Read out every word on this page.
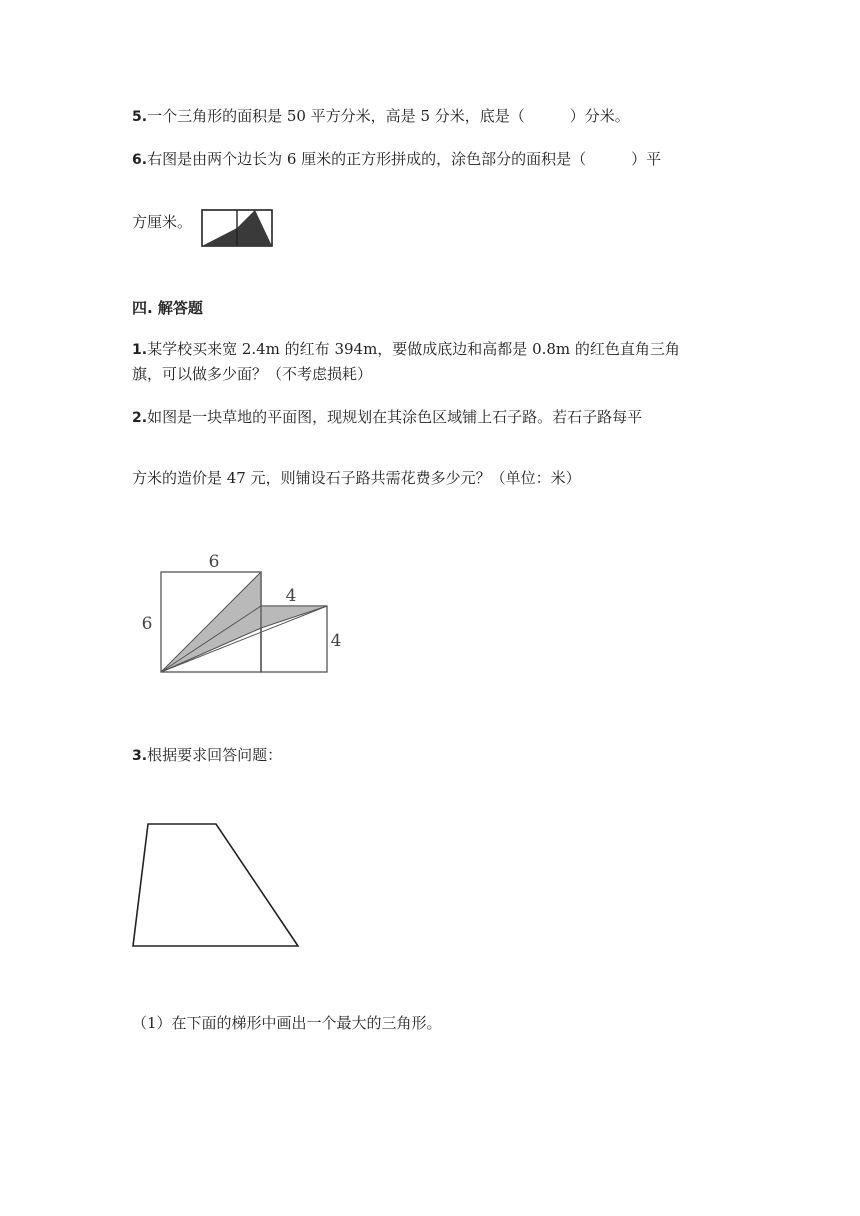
5.一个三角形的面积是 50 平方分米，高是 5 分米，底是（　　　）分米。
6.右图是由两个边长为 6 厘米的正方形拼成的，涂色部分的面积是（　　　）平
方厘米。
四. 解答题
1.某学校买来宽 2.4m 的红布 394m，要做成底边和高都是 0.8m 的红色直角三角
旗，可以做多少面？（不考虑损耗）
2.如图是一块草地的平面图，现规划在其涂色区域铺上石子路。若石子路每平
方米的造价是 47 元，则铺设石子路共需花费多少元？（单位：米）
6
6
4
4
3.根据要求回答问题：
（1）在下面的梯形中画出一个最大的三角形。
